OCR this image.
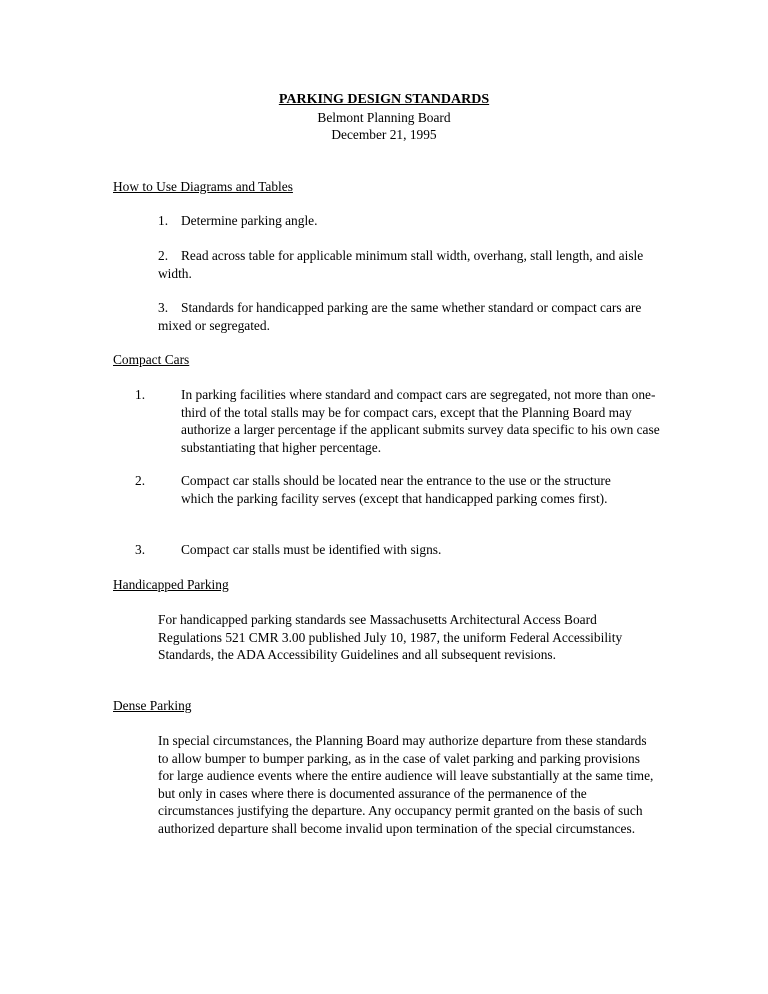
PARKING DESIGN STANDARDS
Belmont Planning Board
December 21, 1995
How to Use Diagrams and Tables
1. Determine parking angle.
2. Read across table for applicable minimum stall width, overhang, stall length, and aisle width.
3. Standards for handicapped parking are the same whether standard or compact cars are mixed or segregated.
Compact Cars
1.	In parking facilities where standard and compact cars are segregated, not more than one-third of the total stalls may be for compact cars, except that the Planning Board may authorize a larger percentage if the applicant submits survey data specific to his own case substantiating that higher percentage.
2.	Compact car stalls should be located near the entrance to the use or the structure which the parking facility serves (except that handicapped parking comes first).
3.	Compact car stalls must be identified with signs.
Handicapped Parking
For handicapped parking standards see Massachusetts Architectural Access Board Regulations 521 CMR 3.00 published July 10, 1987, the uniform Federal Accessibility Standards, the ADA Accessibility Guidelines and all subsequent revisions.
Dense Parking
In special circumstances, the Planning Board may authorize departure from these standards to allow bumper to bumper parking, as in the case of valet parking and parking provisions for large audience events where the entire audience will leave substantially at the same time, but only in cases where there is documented assurance of the permanence of the circumstances justifying the departure. Any occupancy permit granted on the basis of such authorized departure shall become invalid upon termination of the special circumstances.
